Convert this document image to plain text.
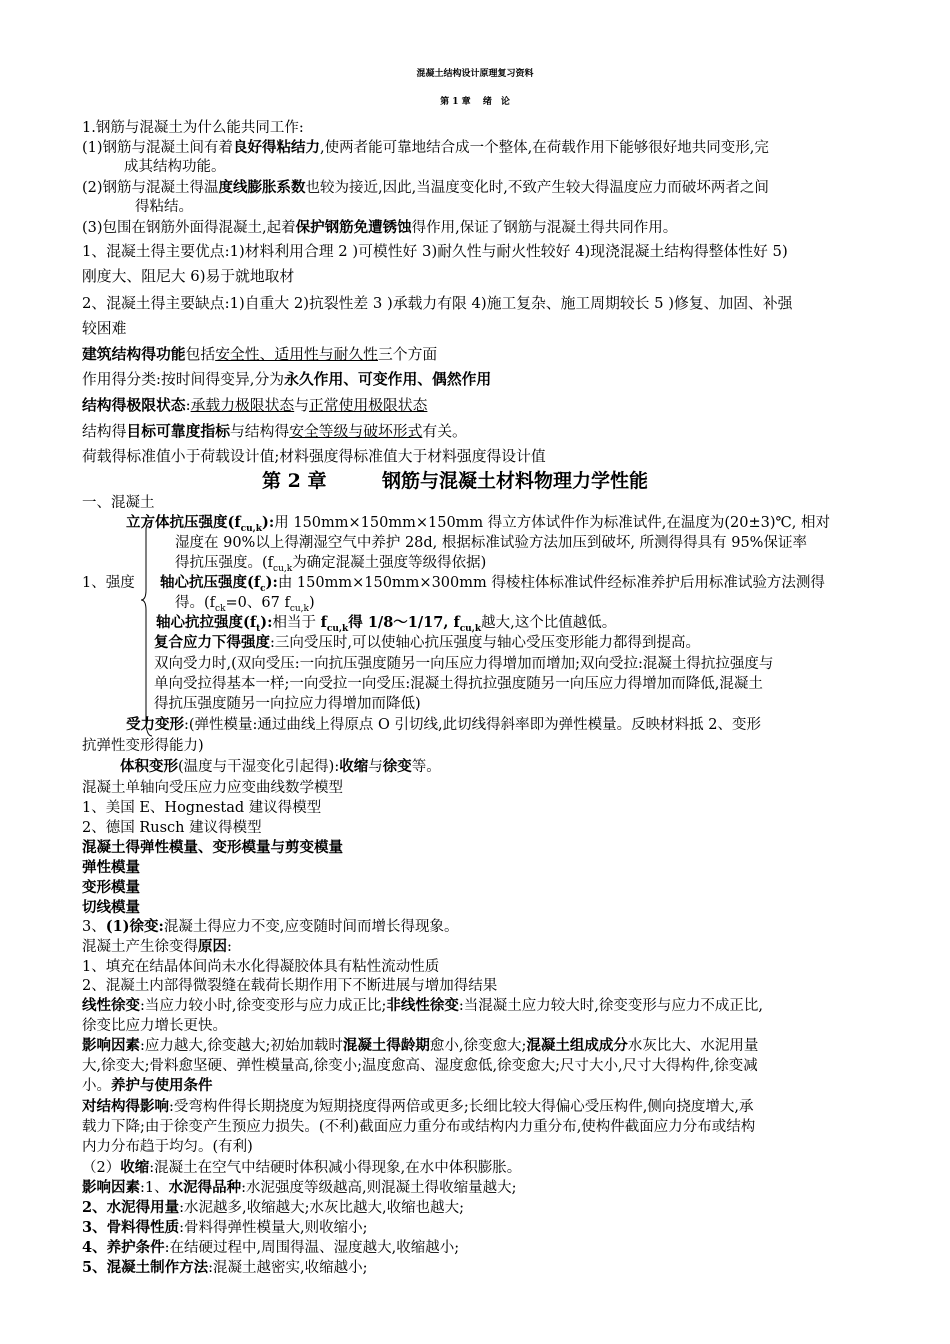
混凝土结构设计原理复习资料
第 1 章　 绪　论
1.钢筋与混凝土为什么能共同工作:
(1)钢筋与混凝土间有着良好得粘结力,使两者能可靠地结合成一个整体,在荷载作用下能够很好地共同变形,完
成其结构功能。
(2)钢筋与混凝土得温度线膨胀系数也较为接近,因此,当温度变化时,不致产生较大得温度应力而破坏两者之间
得粘结。
(3)包围在钢筋外面得混凝土,起着保护钢筋免遭锈蚀得作用,保证了钢筋与混凝土得共同作用。
1、混凝土得主要优点:1)材料利用合理 2 )可模性好 3)耐久性与耐火性较好 4)现浇混凝土结构得整体性好 5)
刚度大、阻尼大 6)易于就地取材
2、混凝土得主要缺点:1)自重大 2)抗裂性差 3 )承载力有限 4)施工复杂、施工周期较长 5 )修复、加固、补强
较困难
建筑结构得功能包括安全性、适用性与耐久性三个方面
作用得分类:按时间得变异,分为永久作用、可变作用、偶然作用
结构得极限状态:承载力极限状态与正常使用极限状态
结构得目标可靠度指标与结构得安全等级与破坏形式有关。
荷载得标准值小于荷载设计值;材料强度得标准值大于材料强度得设计值
第 2 章	钢筋与混凝土材料物理力学性能
一、混凝土
1、强度
立方体抗压强度$(f_{cu,k})$:用 150mm×150mm×150mm 得立方体试件作为标准试件,在温度为(20±3)℃, 相对
湿度在 90%以上得潮湿空气中养护 28d, 根据标准试验方法加压到破坏, 所测得得具有 95%保证率
得抗压强度。($f_{cu,k}$为确定混凝土强度等级得依据)
轴心抗压强度$(f_c)$:由 150mm×150mm×300mm 得棱柱体标准试件经标准养护后用标准试验方法测得
得。($f_{ck}=0$、67 $f_{cu,k}$)
轴心抗拉强度$(f_t)$:相当于 $f_{cu,k}$得 1/8～1/17, $f_{cu,k}$越大,这个比值越低。
复合应力下得强度:三向受压时,可以使轴心抗压强度与轴心受压变形能力都得到提高。
双向受力时,(双向受压:一向抗压强度随另一向压应力得增加而增加;双向受拉:混凝土得抗拉强度与
单向受拉得基本一样;一向受拉一向受压:混凝土得抗拉强度随另一向压应力得增加而降低,混凝土
得抗压强度随另一向拉应力得增加而降低)
受力变形:(弹性模量:通过曲线上得原点 O 引切线,此切线得斜率即为弹性模量。反映材料抵 2、变形
抗弹性变形得能力)
体积变形(温度与干湿变化引起得):收缩与徐变等。
混凝土单轴向受压应力应变曲线数学模型
1、美国 E、Hognestad 建议得模型
2、德国 Rusch 建议得模型
混凝土得弹性模量、变形模量与剪变模量
弹性模量
变形模量
切线模量
3、(1)徐变:混凝土得应力不变,应变随时间而增长得现象。
混凝土产生徐变得原因:
1、填充在结晶体间尚未水化得凝胶体具有粘性流动性质
2、混凝土内部得微裂缝在载荷长期作用下不断进展与增加得结果
线性徐变:当应力较小时,徐变变形与应力成正比;非线性徐变:当混凝土应力较大时,徐变变形与应力不成正比,
徐变比应力增长更快。
影响因素:应力越大,徐变越大;初始加载时混凝土得龄期愈小,徐变愈大;混凝土组成成分水灰比大、水泥用量
大,徐变大;骨料愈坚硬、弹性模量高,徐变小;温度愈高、湿度愈低,徐变愈大;尺寸大小,尺寸大得构件,徐变减
小。养护与使用条件
对结构得影响:受弯构件得长期挠度为短期挠度得两倍或更多;长细比较大得偏心受压构件,侧向挠度增大,承
载力下降;由于徐变产生预应力损失。(不利)截面应力重分布或结构内力重分布,使构件截面应力分布或结构
内力分布趋于均匀。(有利)
（2）收缩:混凝土在空气中结硬时体积减小得现象,在水中体积膨胀。
影响因素:1、水泥得品种:水泥强度等级越高,则混凝土得收缩量越大;
2、水泥得用量:水泥越多,收缩越大;水灰比越大,收缩也越大;
3、骨料得性质:骨料得弹性模量大,则收缩小;
4、养护条件:在结硬过程中,周围得温、湿度越大,收缩越小;
5、混凝土制作方法:混凝土越密实,收缩越小;
